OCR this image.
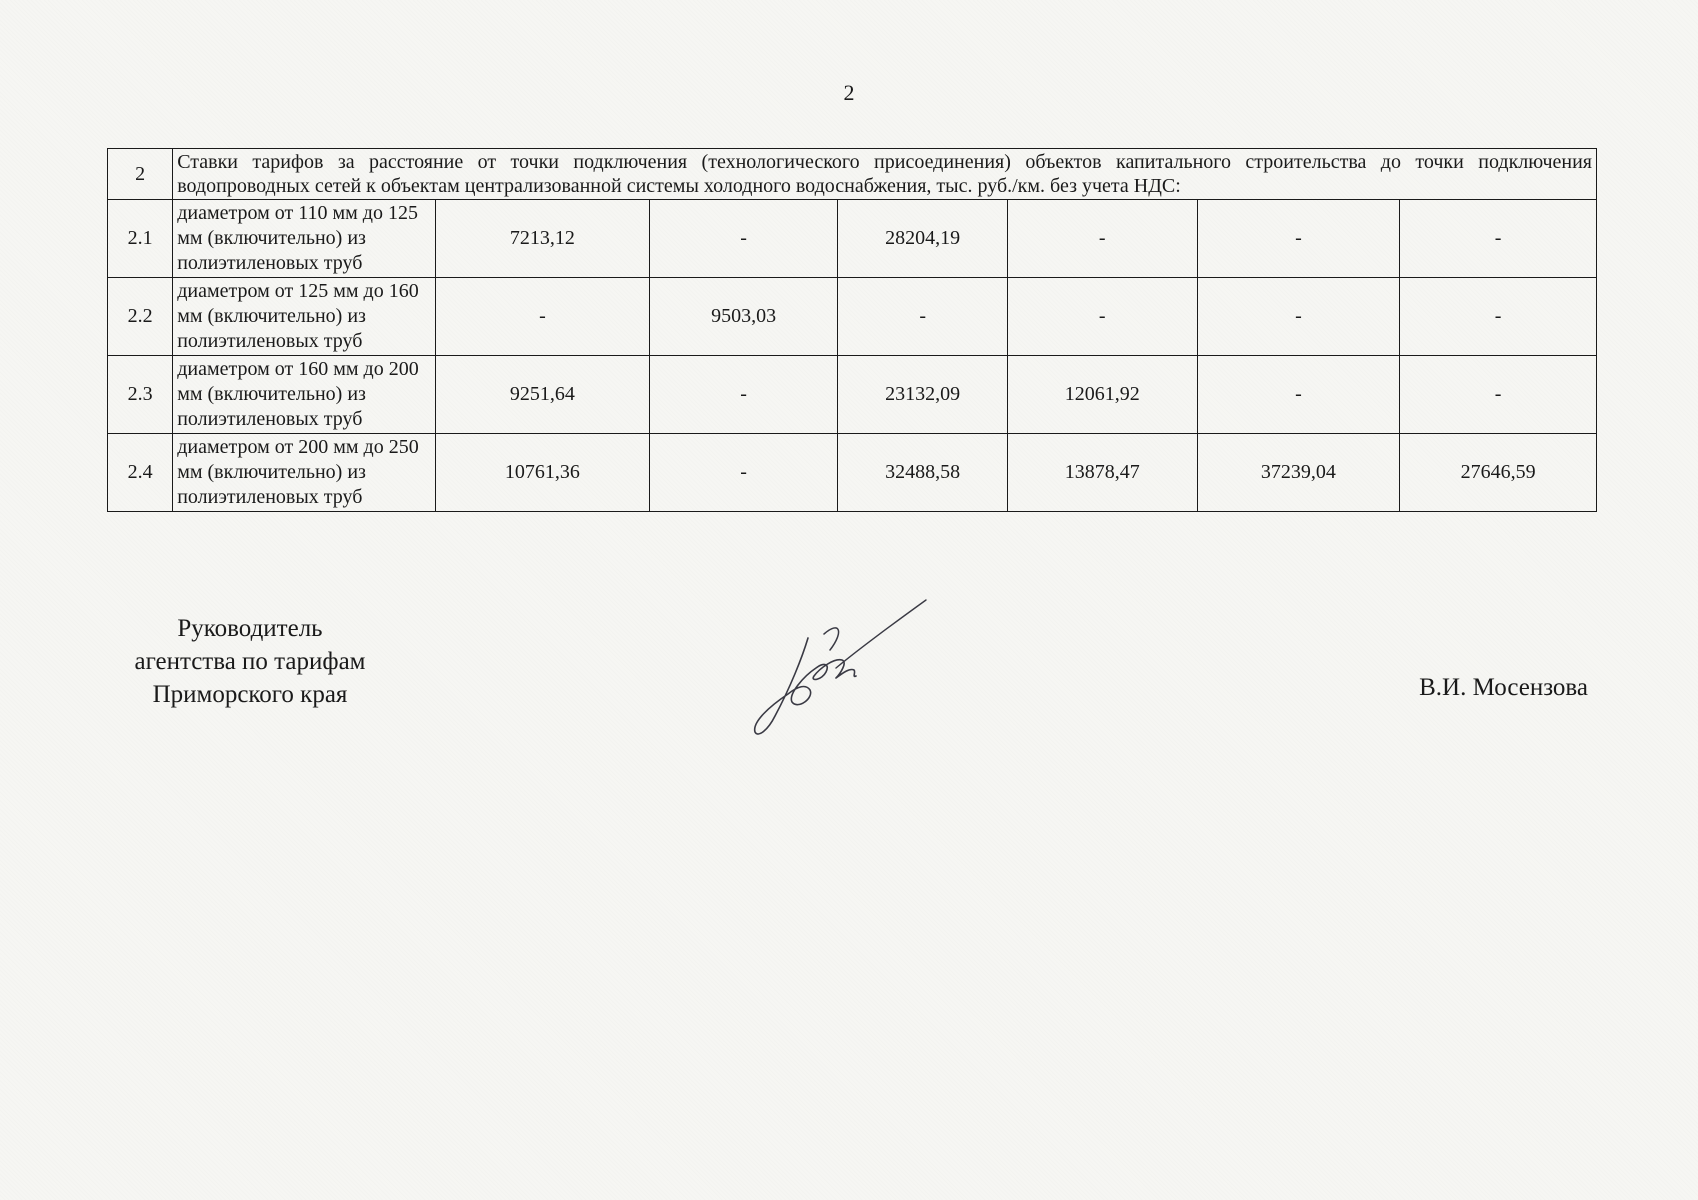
2
2	Ставки тарифов за расстояние от точки подключения (технологического присоединения) объектов капитального строительства до точки подключения водопроводных сетей к объектам централизованной системы холодного водоснабжения, тыс. руб./км. без учета НДС:						
2.1	диаметром от 110 мм до 125 мм (включительно) из полиэтиленовых труб	7213,12	-	28204,19	-	-	-
2.2	диаметром от 125 мм до 160 мм (включительно) из полиэтиленовых труб	-	9503,03	-	-	-	-
2.3	диаметром от 160 мм до 200 мм (включительно) из полиэтиленовых труб	9251,64	-	23132,09	12061,92	-	-
2.4	диаметром от 200 мм до 250 мм (включительно) из полиэтиленовых труб	10761,36	-	32488,58	13878,47	37239,04	27646,59
Руководитель
агентства по тарифам
Приморского края	В.И. Мосензова
